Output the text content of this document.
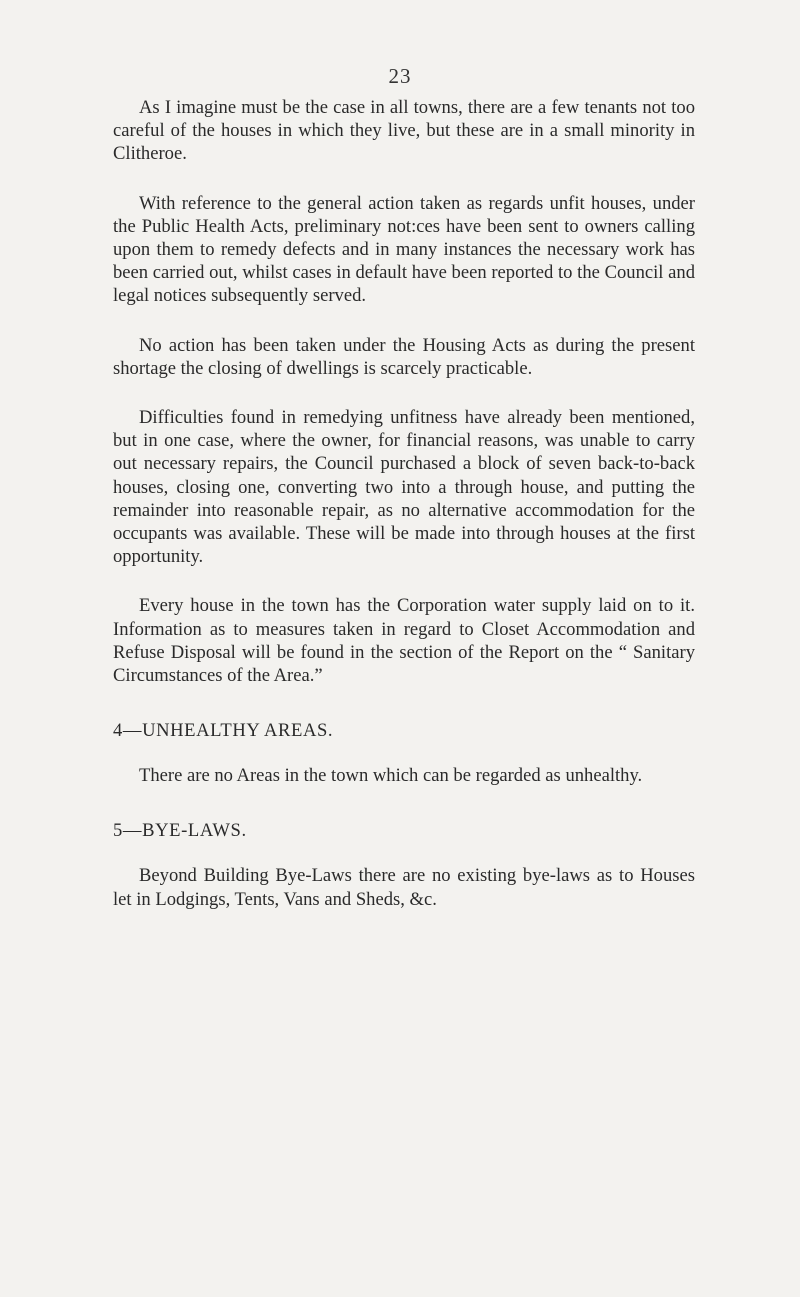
23

As I imagine must be the case in all towns, there are a few tenants not too careful of the houses in which they live, but these are in a small minority in Clitheroe.

With reference to the general action taken as regards unfit houses, under the Public Health Acts, preliminary not:ces have been sent to owners calling upon them to remedy defects and in many instances the necessary work has been carried out, whilst cases in default have been reported to the Council and legal notices subsequently served.

No action has been taken under the Housing Acts as during the present shortage the closing of dwellings is scarcely practicable.

Difficulties found in remedying unfitness have already been mentioned, but in one case, where the owner, for financial reasons, was unable to carry out necessary repairs, the Council purchased a block of seven back-to-back houses, closing one, converting two into a through house, and putting the remainder into reasonable repair, as no alternative accommodation for the occupants was available. These will be made into through houses at the first opportunity.

Every house in the town has the Corporation water supply laid on to it. Information as to measures taken in regard to Closet Accommodation and Refuse Disposal will be found in the section of the Report on the “ Sanitary Circumstances of the Area.”

4—UNHEALTHY AREAS.

There are no Areas in the town which can be regarded as unhealthy.

5—BYE-LAWS.

Beyond Building Bye-Laws there are no existing bye-laws as to Houses let in Lodgings, Tents, Vans and Sheds, &c.
